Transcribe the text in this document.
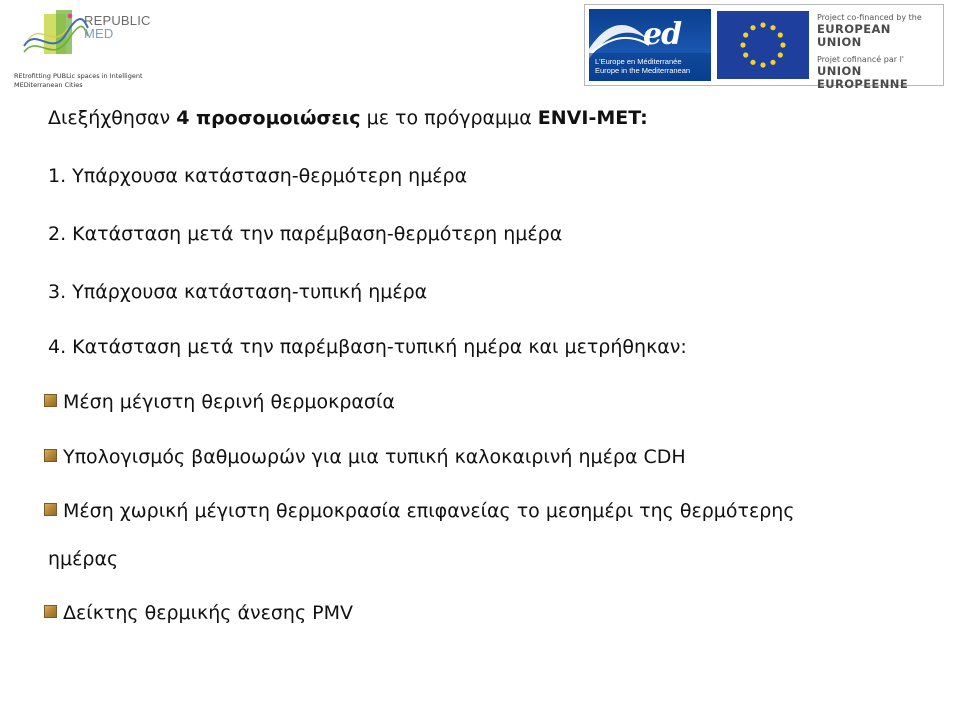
REPUBLIC
MED
REtrofitting PUBLic spaces in Intelligent MEDiterranean Cities
ed
L'Europe en Méditerranée
Europe in the Mediterranean
Project co-financed by the
EUROPEAN UNION
Projet cofinancé par l'
UNION EUROPEENNE
Διεξήχθησαν 4 προσομοιώσεις με το πρόγραμμα ENVI-MET:
1. Υπάρχουσα κατάσταση-θερμότερη ημέρα
2. Κατάσταση μετά την παρέμβαση-θερμότερη ημέρα
3. Υπάρχουσα κατάσταση-τυπική ημέρα
4. Κατάσταση μετά την παρέμβαση-τυπική ημέρα και μετρήθηκαν:
Μέση μέγιστη θερινή θερμοκρασία
Υπολογισμός βαθμοωρών για μια τυπική καλοκαιρινή ημέρα CDH
Μέση χωρική μέγιστη θερμοκρασία επιφανείας το μεσημέρι της θερμότερης
ημέρας
Δείκτης θερμικής άνεσης PMV
